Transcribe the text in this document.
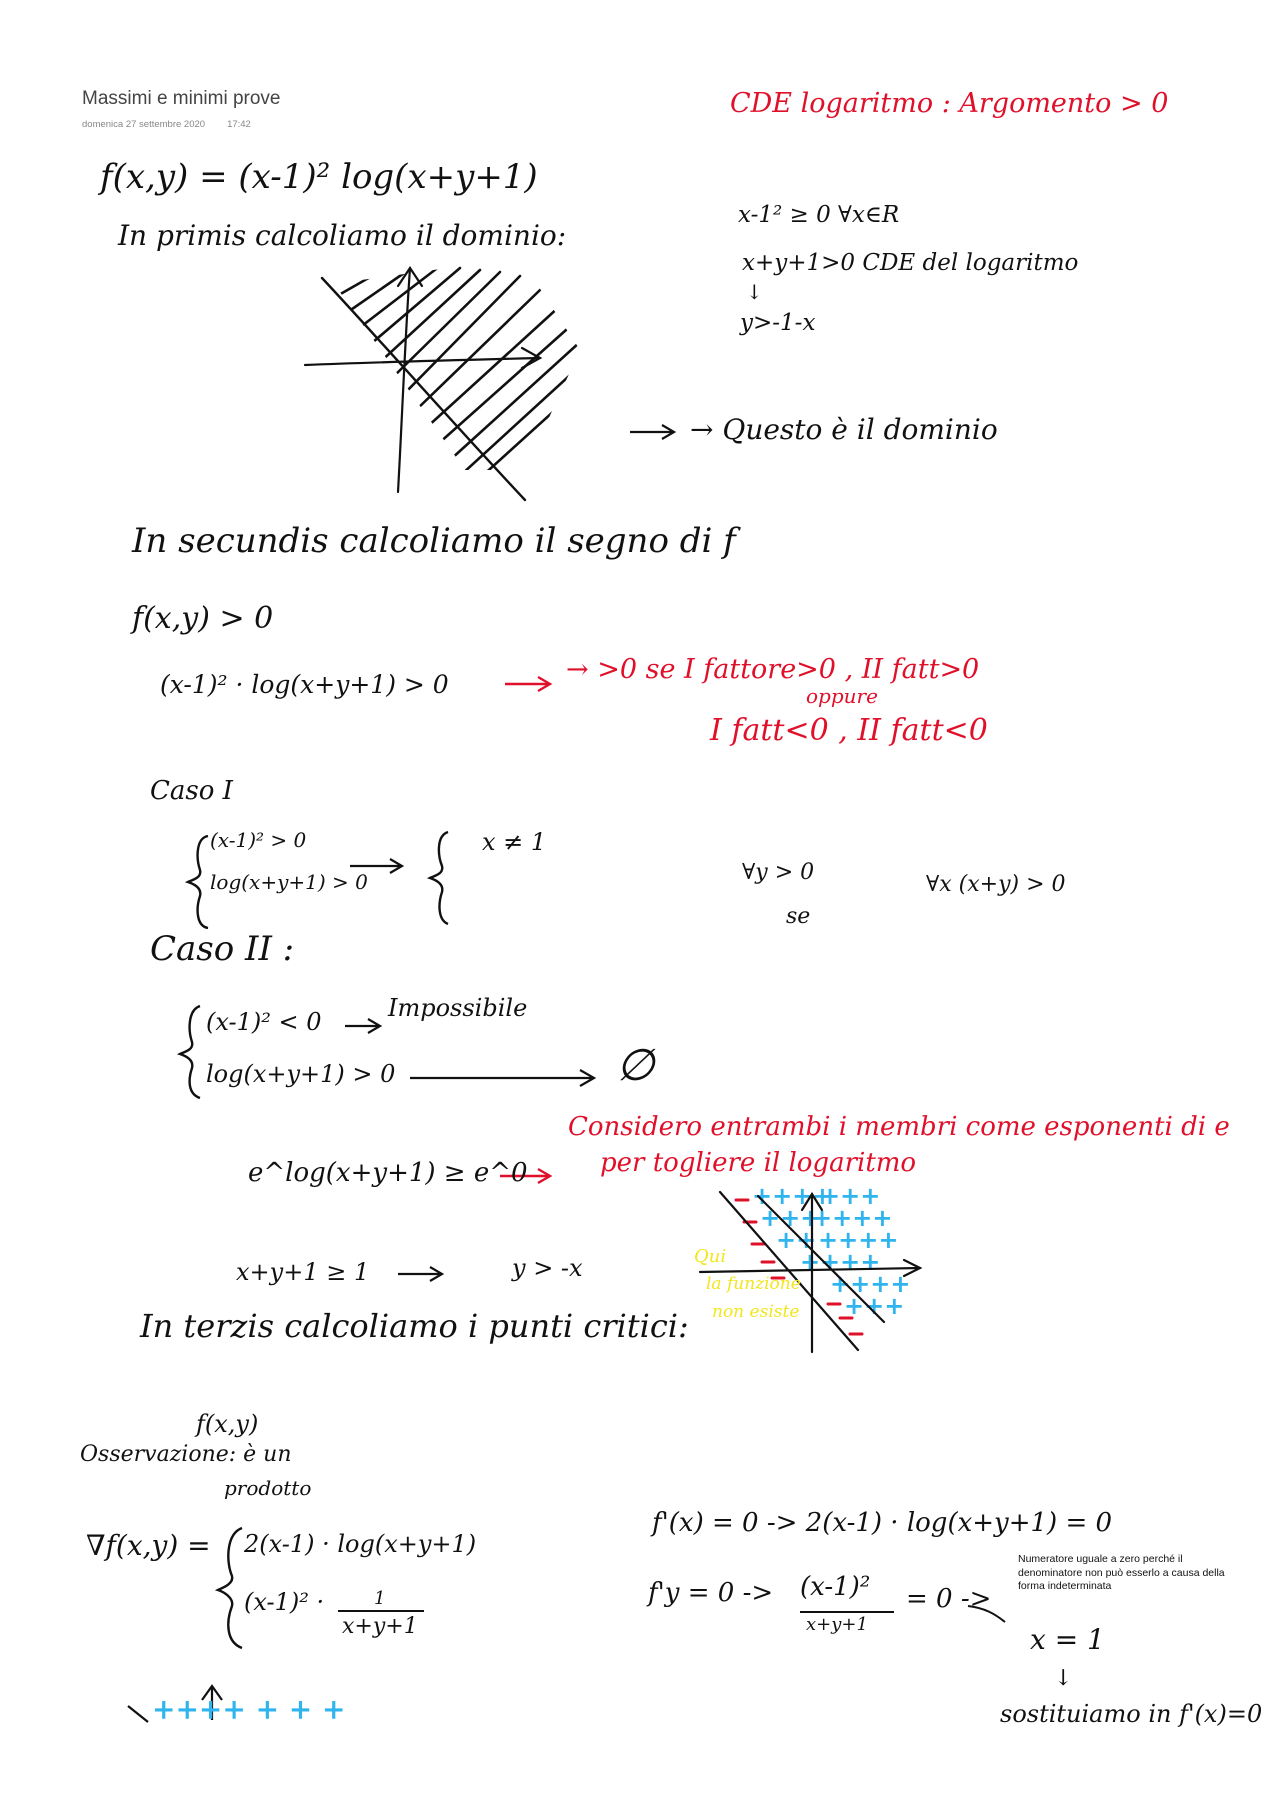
Massimi e minimi prove
domenica 27 settembre 2020 17:42
++++
+++
+++
++++
++ ++++
+ +++
++++
+++
CDE logaritmo : Argomento > 0
f(x,y) = (x-1)² log(x+y+1)
In primis calcoliamo il dominio:
x-1² ≥ 0 ∀x∈R
x+y+1>0 CDE del logaritmo
↓
y>-1-x
→ Questo è il dominio
In secundis calcoliamo il segno di f
f(x,y) > 0
(x-1)² · log(x+y+1) > 0	→ >0 se I fattore>0 , II fatt>0
oppure
I fatt<0 , II fatt<0
Caso I
(x-1)² > 0
log(x+y+1) > 0
x ≠ 1
∀y > 0
se
∀x (x+y) > 0
Caso II :
(x-1)² < 0	Impossibile
log(x+y+1) > 0	∅
Considero entrambi i membri come esponenti di e
per togliere il logaritmo
e^log(x+y+1) ≥ e^0
x+y+1 ≥ 1	y > -x	Qui
la funzione
non esiste
In terzis calcoliamo i punti critici:
f(x,y)
Osservazione: è un
prodotto
∇f(x,y) = 2(x-1) · log(x+y+1)
(x-1)² ·	1
x+y+1
f'(x) = 0 -> 2(x-1) · log(x+y+1) = 0
f'y = 0 -> (x-1)²
x+y+1
= 0 ->
Numeratore uguale a zero perché il denominatore non può esserlo a causa della forma indeterminata
x = 1
↓
sostituiamo in f'(x)=0
++++ + + +
